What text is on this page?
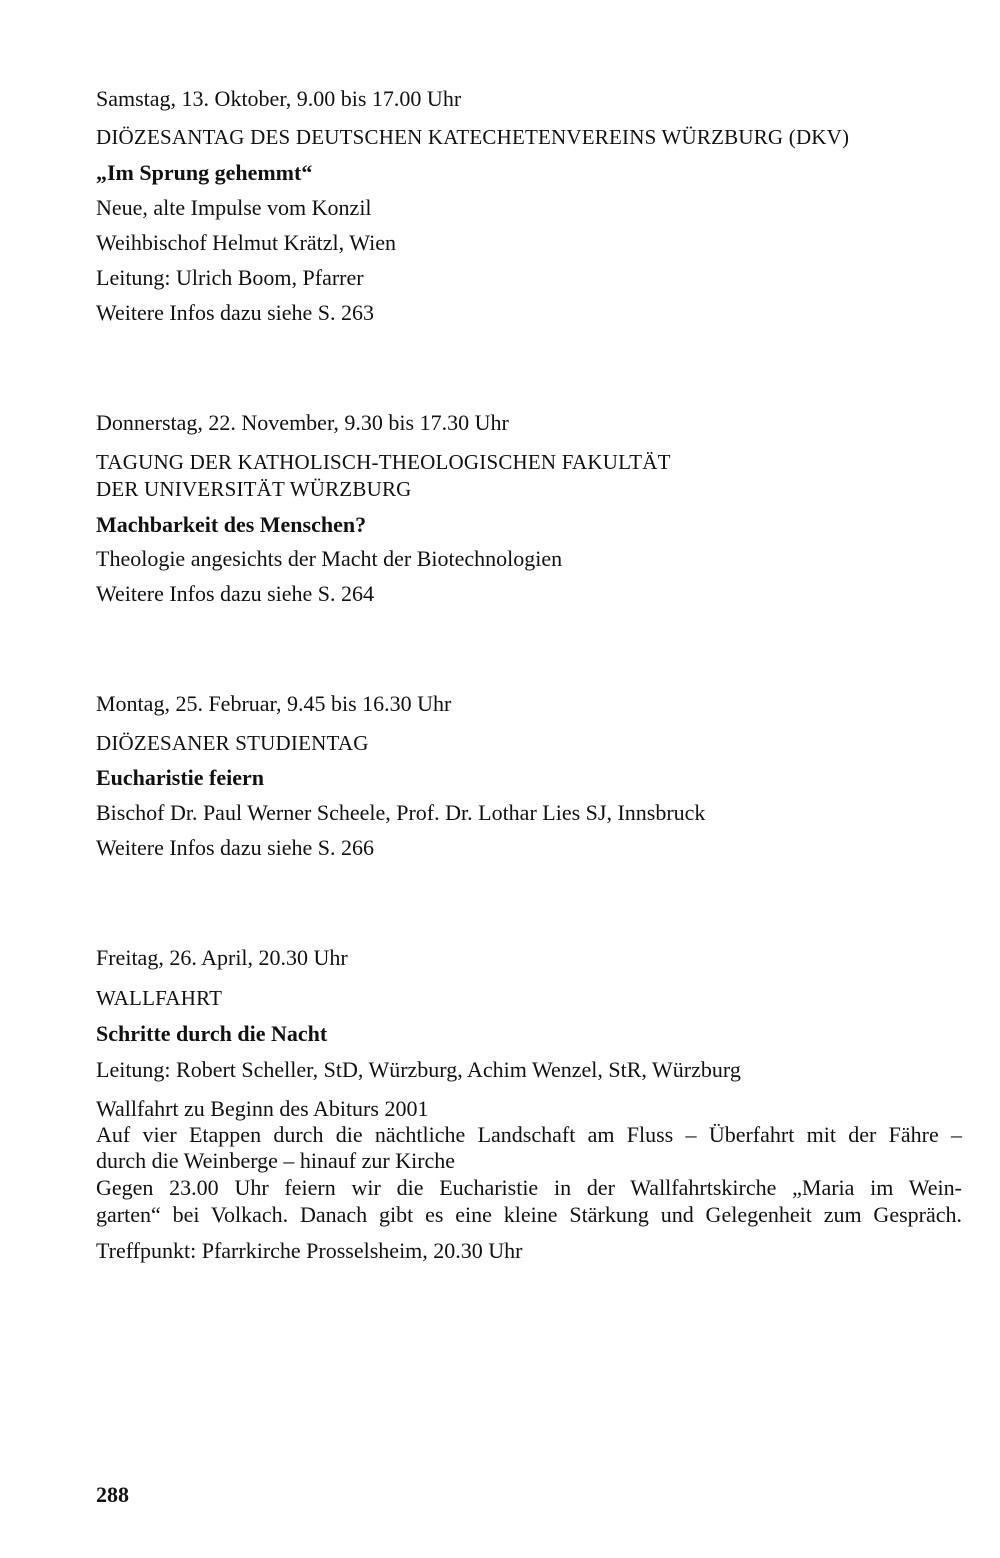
Samstag, 13. Oktober, 9.00 bis 17.00 Uhr
DIÖZESANTAG DES DEUTSCHEN KATECHETENVEREINS WÜRZBURG (DKV)
„Im Sprung gehemmt“
Neue, alte Impulse vom Konzil
Weihbischof Helmut Krätzl, Wien
Leitung: Ulrich Boom, Pfarrer
Weitere Infos dazu siehe S. 263
Donnerstag, 22. November, 9.30 bis 17.30 Uhr
TAGUNG DER KATHOLISCH-THEOLOGISCHEN FAKULTÄT
DER UNIVERSITÄT WÜRZBURG
Machbarkeit des Menschen?
Theologie angesichts der Macht der Biotechnologien
Weitere Infos dazu siehe S. 264
Montag, 25. Februar, 9.45 bis 16.30 Uhr
DIÖZESANER STUDIENTAG
Eucharistie feiern
Bischof Dr. Paul Werner Scheele, Prof. Dr. Lothar Lies SJ, Innsbruck
Weitere Infos dazu siehe S. 266
Freitag, 26. April, 20.30 Uhr
WALLFAHRT
Schritte durch die Nacht
Leitung: Robert Scheller, StD, Würzburg, Achim Wenzel, StR, Würzburg
Wallfahrt zu Beginn des Abiturs 2001
Auf vier Etappen durch die nächtliche Landschaft am Fluss – Überfahrt mit der Fähre –
durch die Weinberge – hinauf zur Kirche
Gegen 23.00 Uhr feiern wir die Eucharistie in der Wallfahrtskirche „Maria im Wein-
garten“ bei Volkach. Danach gibt es eine kleine Stärkung und Gelegenheit zum Gespräch.
Treffpunkt: Pfarrkirche Prosselsheim, 20.30 Uhr
288
